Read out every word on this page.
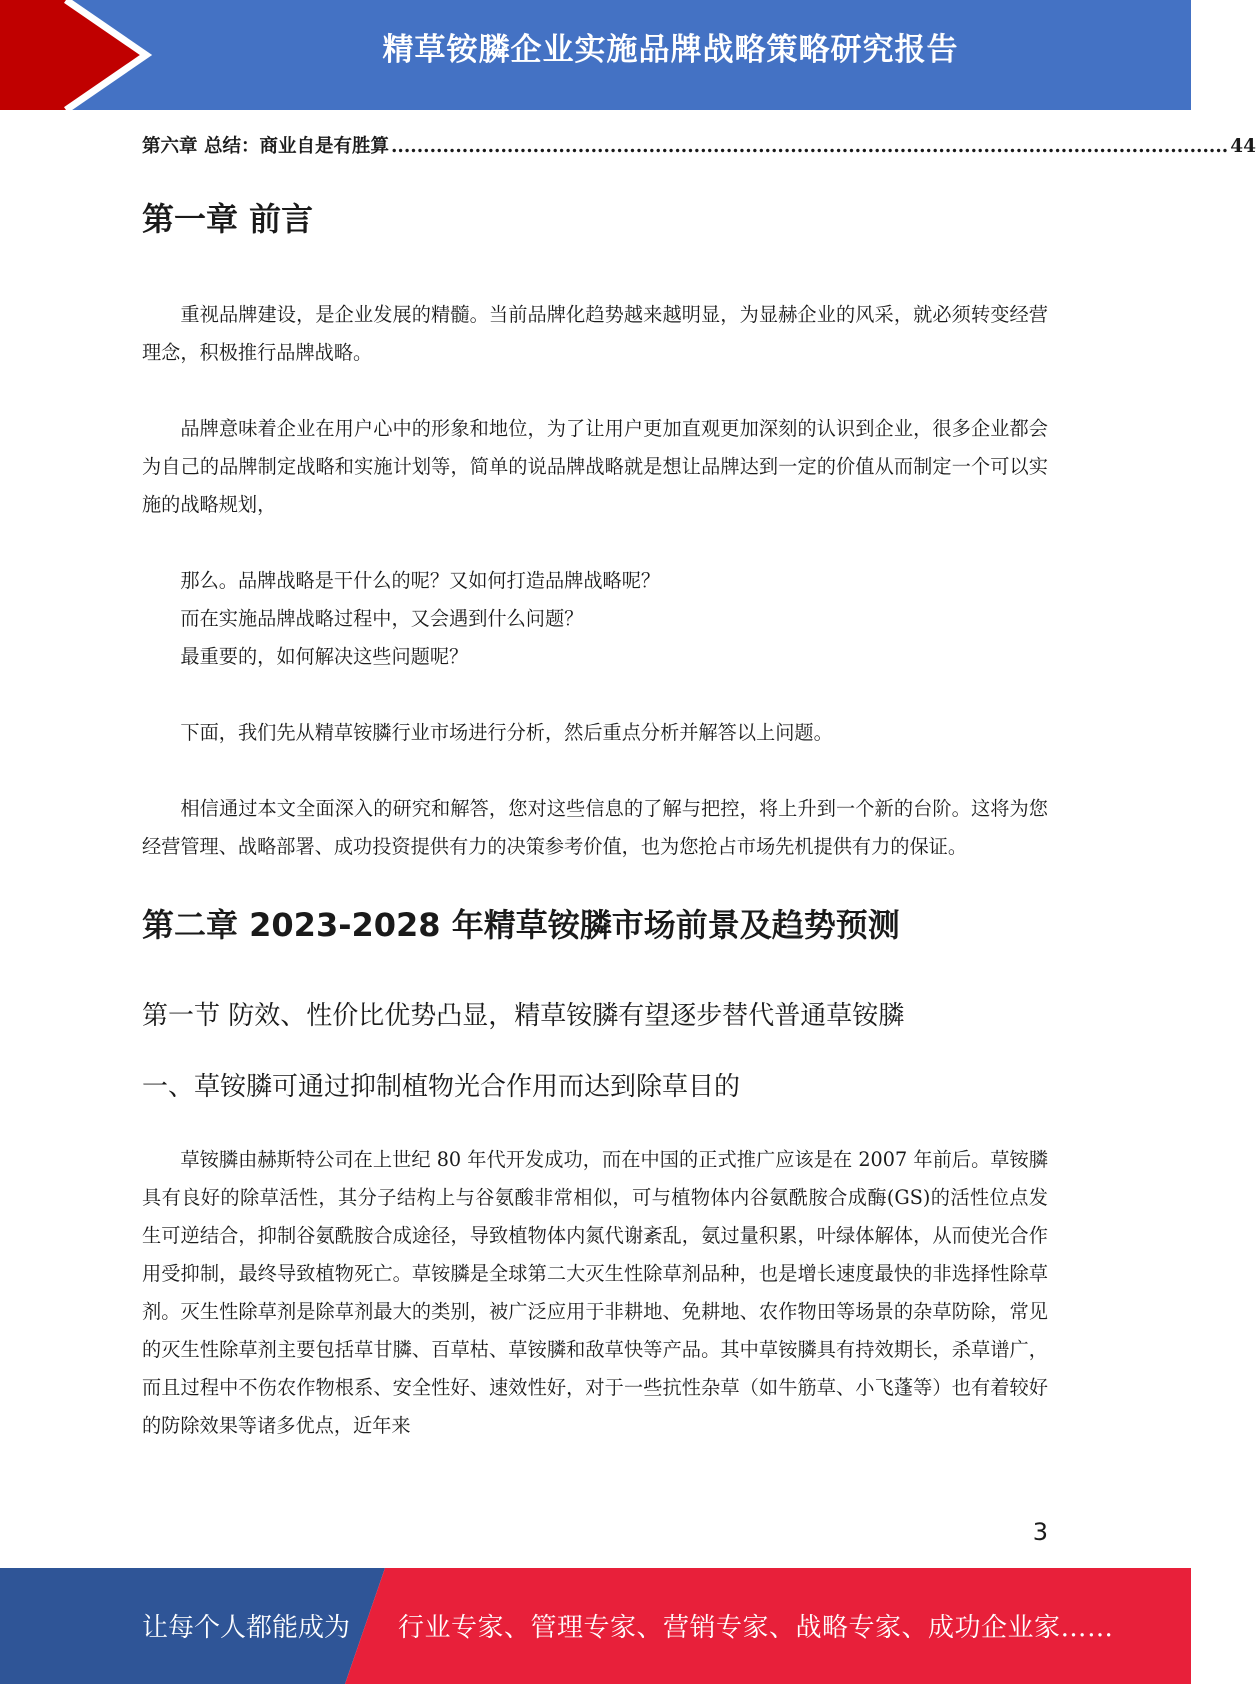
精草铵膦企业实施品牌战略策略研究报告
第六章 总结：商业自是有胜算 .................................................................................................................................. 44
第一章 前言

重视品牌建设，是企业发展的精髓。当前品牌化趋势越来越明显，为显赫企业的风采，就必须转变经营理念，积极推行品牌战略。

品牌意味着企业在用户心中的形象和地位，为了让用户更加直观更加深刻的认识到企业，很多企业都会为自己的品牌制定战略和实施计划等，简单的说品牌战略就是想让品牌达到一定的价值从而制定一个可以实施的战略规划，

那么。品牌战略是干什么的呢？又如何打造品牌战略呢？

而在实施品牌战略过程中，又会遇到什么问题？

最重要的，如何解决这些问题呢？

下面，我们先从精草铵膦行业市场进行分析，然后重点分析并解答以上问题。

相信通过本文全面深入的研究和解答，您对这些信息的了解与把控，将上升到一个新的台阶。这将为您经营管理、战略部署、成功投资提供有力的决策参考价值，也为您抢占市场先机提供有力的保证。

第二章 2023-2028 年精草铵膦市场前景及趋势预测
第一节 防效、性价比优势凸显，精草铵膦有望逐步替代普通草铵膦
一、草铵膦可通过抑制植物光合作用而达到除草目的

草铵膦由赫斯特公司在上世纪 80 年代开发成功，而在中国的正式推广应该是在 2007 年前后。草铵膦具有良好的除草活性，其分子结构上与谷氨酸非常相似，可与植物体内谷氨酰胺合成酶(GS)的活性位点发生可逆结合，抑制谷氨酰胺合成途径，导致植物体内氮代谢紊乱，氨过量积累，叶绿体解体，从而使光合作用受抑制，最终导致植物死亡。草铵膦是全球第二大灭生性除草剂品种，也是增长速度最快的非选择性除草剂。灭生性除草剂是除草剂最大的类别，被广泛应用于非耕地、免耕地、农作物田等场景的杂草防除，常见的灭生性除草剂主要包括草甘膦、百草枯、草铵膦和敌草快等产品。其中草铵膦具有持效期长，杀草谱广，而且过程中不伤农作物根系、安全性好、速效性好，对于一些抗性杂草（如牛筋草、小飞蓬等）也有着较好的防除效果等诸多优点，近年来

3
让每个人都能成为 行业专家、管理专家、营销专家、战略专家、成功企业家……
